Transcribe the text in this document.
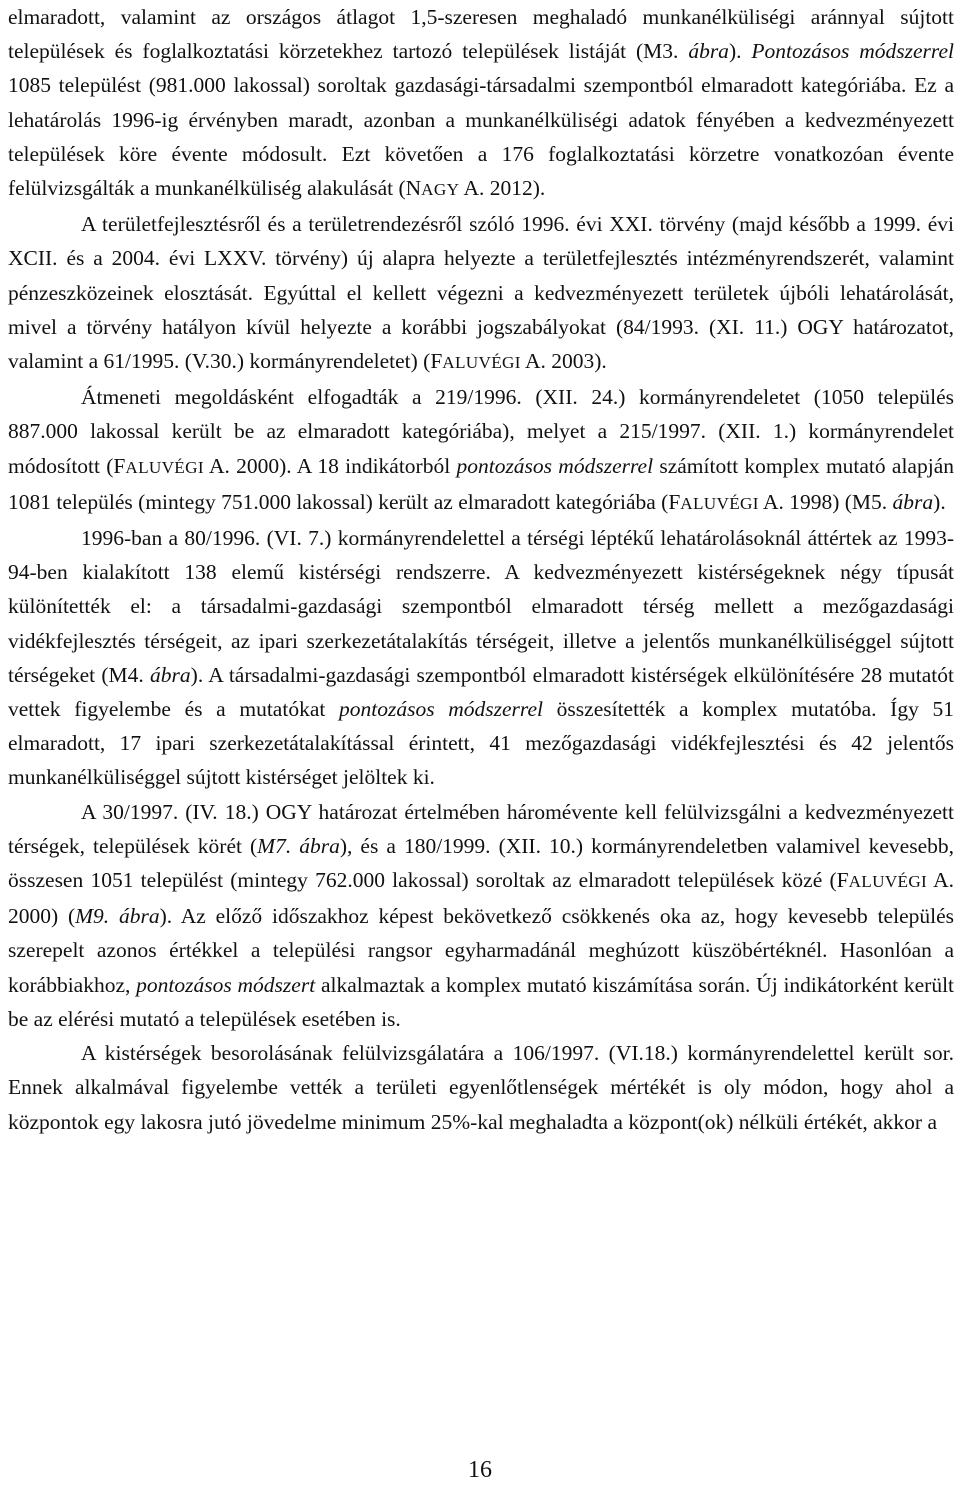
elmaradott, valamint az országos átlagot 1,5-szeresen meghaladó munkanélküliségi aránnyal sújtott települések és foglalkoztatási körzetekhez tartozó települések listáját (M3. ábra). Pontozásos módszerrel 1085 települést (981.000 lakossal) soroltak gazdasági-társadalmi szempontból elmaradott kategóriába. Ez a lehatárolás 1996-ig érvényben maradt, azonban a munkanélküliségi adatok fényében a kedvezményezett települések köre évente módosult. Ezt követően a 176 foglalkoztatási körzetre vonatkozóan évente felülvizsgálták a munkanélküliség alakulását (NAGY A. 2012).

A területfejlesztésről és a területrendezésről szóló 1996. évi XXI. törvény (majd később a 1999. évi XCII. és a 2004. évi LXXV. törvény) új alapra helyezte a területfejlesztés intézményrendszerét, valamint pénzeszközeinek elosztását. Egyúttal el kellett végezni a kedvezményezett területek újbóli lehatárolását, mivel a törvény hatályon kívül helyezte a korábbi jogszabályokat (84/1993. (XI. 11.) OGY határozatot, valamint a 61/1995. (V.30.) kormányrendeletet) (FALUVÉGI A. 2003).

Átmeneti megoldásként elfogadták a 219/1996. (XII. 24.) kormányrendeletet (1050 település 887.000 lakossal került be az elmaradott kategóriába), melyet a 215/1997. (XII. 1.) kormányrendelet módosított (FALUVÉGI A. 2000). A 18 indikátorból pontozásos módszerrel számított komplex mutató alapján 1081 település (mintegy 751.000 lakossal) került az elmaradott kategóriába (FALUVÉGI A. 1998) (M5. ábra).

1996-ban a 80/1996. (VI. 7.) kormányrendelettel a térségi léptékű lehatárolásoknál áttértek az 1993-94-ben kialakított 138 elemű kistérségi rendszerre. A kedvezményezett kistérségeknek négy típusát különítették el: a társadalmi-gazdasági szempontból elmaradott térség mellett a mezőgazdasági vidékfejlesztés térségeit, az ipari szerkezetátalakítás térségeit, illetve a jelentős munkanélküliséggel sújtott térségeket (M4. ábra). A társadalmi-gazdasági szempontból elmaradott kistérségek elkülönítésére 28 mutatót vettek figyelembe és a mutatókat pontozásos módszerrel összesítették a komplex mutatóba. Így 51 elmaradott, 17 ipari szerkezetátalakítással érintett, 41 mezőgazdasági vidékfejlesztési és 42 jelentős munkanélküliséggel sújtott kistérséget jelöltek ki.

A 30/1997. (IV. 18.) OGY határozat értelmében háromévente kell felülvizsgálni a kedvezményezett térségek, települések körét (M7. ábra), és a 180/1999. (XII. 10.) kormányrendeletben valamivel kevesebb, összesen 1051 települést (mintegy 762.000 lakossal) soroltak az elmaradott települések közé (FALUVÉGI A. 2000) (M9. ábra). Az előző időszakhoz képest bekövetkező csökkenés oka az, hogy kevesebb település szerepelt azonos értékkel a települési rangsor egyharmadánál meghúzott küszöbértéknél. Hasonlóan a korábbiakhoz, pontozásos módszert alkalmaztak a komplex mutató kiszámítása során. Új indikátorként került be az elérési mutató a települések esetében is.

A kistérségek besorolásának felülvizsgálatára a 106/1997. (VI.18.) kormányrendelettel került sor. Ennek alkalmával figyelembe vették a területi egyenlőtlenségek mértékét is oly módon, hogy ahol a központok egy lakosra jutó jövedelme minimum 25%-kal meghaladta a központ(ok) nélküli értékét, akkor a

16
